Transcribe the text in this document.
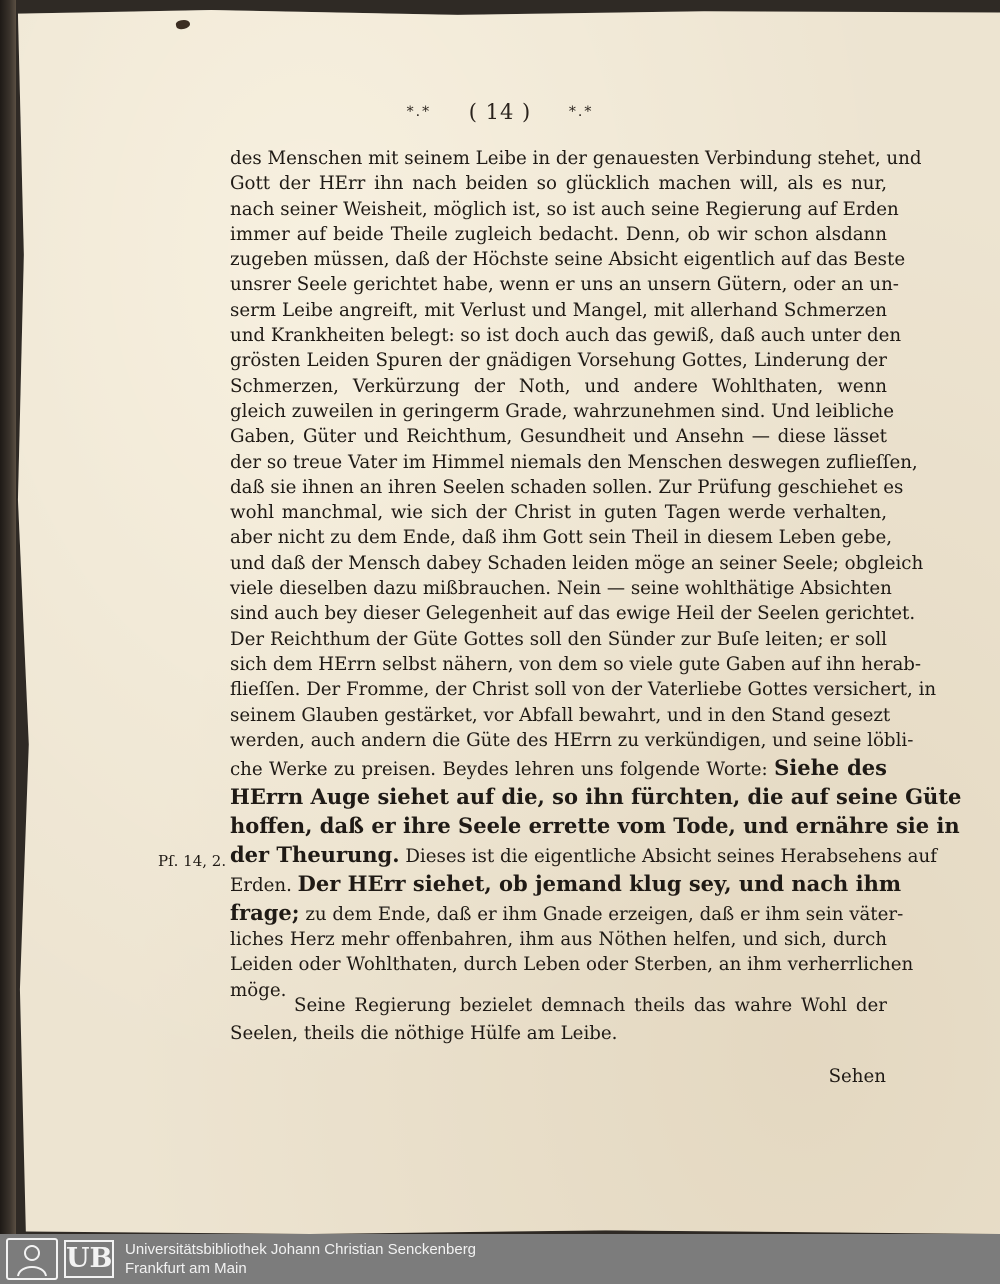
*.* ( 14 )	*.*
des Menschen mit seinem Leibe in der genauesten Verbindung stehet, und
Gott der HErr ihn nach beiden so glücklich machen will, als es nur,
nach seiner Weisheit, möglich ist, so ist auch seine Regierung auf Erden
immer auf beide Theile zugleich bedacht. Denn, ob wir schon alsdann
zugeben müssen, daß der Höchste seine Absicht eigentlich auf das Beste
unsrer Seele gerichtet habe, wenn er uns an unsern Gütern, oder an un-
serm Leibe angreift, mit Verlust und Mangel, mit allerhand Schmerzen
und Krankheiten belegt: so ist doch auch das gewiß, daß auch unter den
grösten Leiden Spuren der gnädigen Vorsehung Gottes, Linderung der
Schmerzen, Verkürzung der Noth, und andere Wohlthaten, wenn
gleich zuweilen in geringerm Grade, wahrzunehmen sind. Und leibliche
Gaben, Güter und Reichthum, Gesundheit und Ansehn — diese lässet
der so treue Vater im Himmel niemals den Menschen deswegen zuflieſſen,
daß sie ihnen an ihren Seelen schaden sollen. Zur Prüfung geschiehet es
wohl manchmal, wie sich der Christ in guten Tagen werde verhalten,
aber nicht zu dem Ende, daß ihm Gott sein Theil in diesem Leben gebe,
und daß der Mensch dabey Schaden leiden möge an seiner Seele; obgleich
viele dieselben dazu mißbrauchen. Nein — seine wohlthätige Absichten
sind auch bey dieser Gelegenheit auf das ewige Heil der Seelen gerichtet.
Der Reichthum der Güte Gottes soll den Sünder zur Buſe leiten; er soll
sich dem HErrn selbst nähern, von dem so viele gute Gaben auf ihn herab-
flieſſen. Der Fromme, der Christ soll von der Vaterliebe Gottes versichert, in
seinem Glauben gestärket, vor Abfall bewahrt, und in den Stand gesezt
werden, auch andern die Güte des HErrn zu verkündigen, und seine löbli-
che Werke zu preisen. Beydes lehren uns folgende Worte: Siehe des
HErrn Auge siehet auf die, so ihn fürchten, die auf seine Güte
hoffen, daß er ihre Seele errette vom Tode, und ernähre sie in
der Theurung. Dieses ist die eigentliche Absicht seines Herabsehens auf
Erden. Der HErr siehet, ob jemand klug sey, und nach ihm
frage; zu dem Ende, daß er ihm Gnade erzeigen, daß er ihm sein väter-
liches Herz mehr offenbahren, ihm aus Nöthen helfen, und sich, durch
Leiden oder Wohlthaten, durch Leben oder Sterben, an ihm verherrlichen
möge.
Pſ. 14, 2.
Seine Regierung bezielet demnach theils das wahre Wohl der
Seelen, theils die nöthige Hülfe am Leibe.
Sehen
UB Universitätsbibliothek Johann Christian Senckenberg
Frankfurt am Main
